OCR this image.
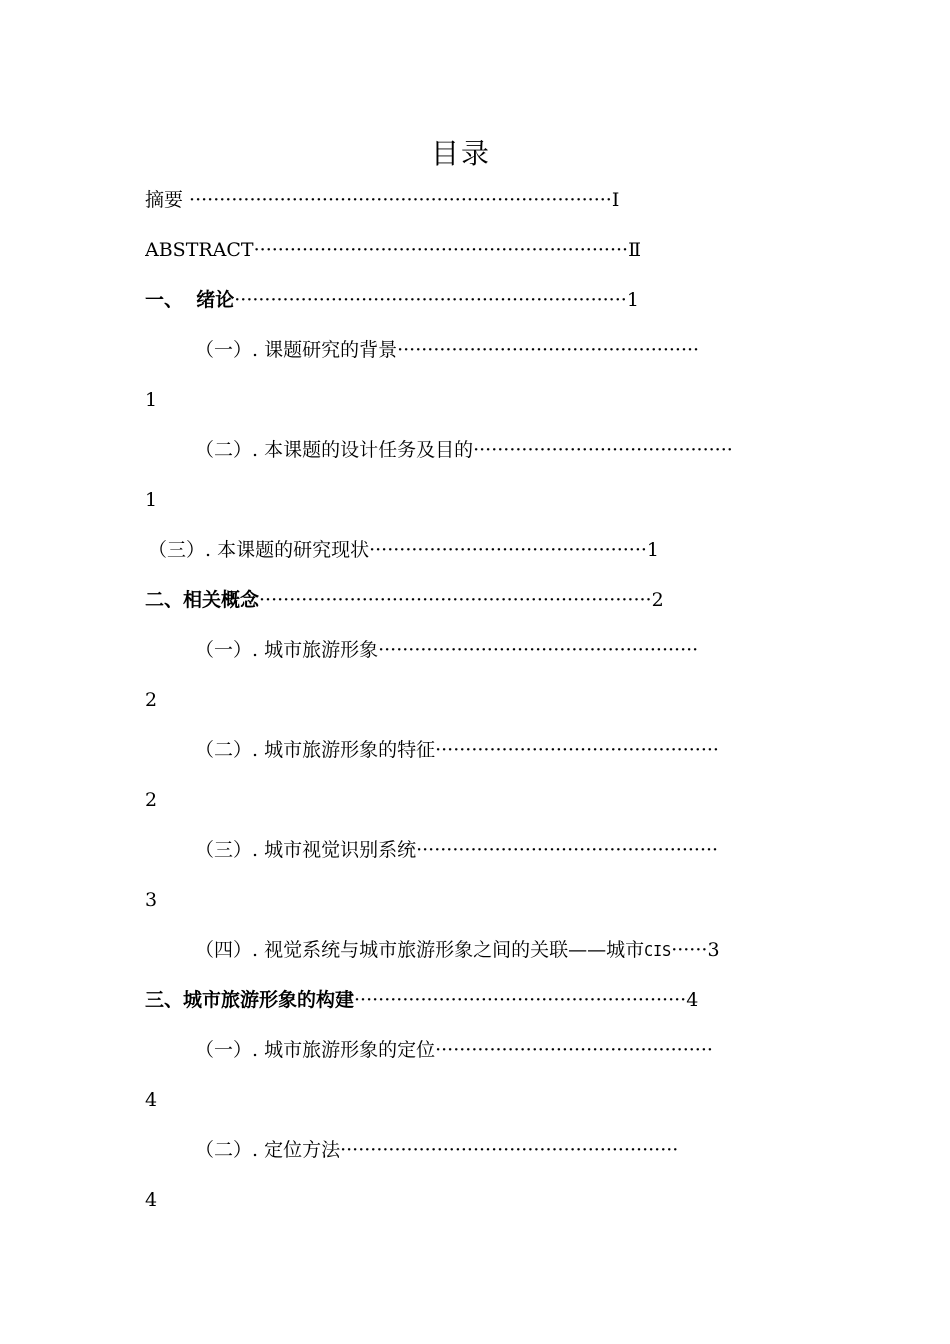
目录
摘要 ······································································Ⅰ
ABSTRACT······························································Ⅱ
一、  绪论·································································1
（一）. 课题研究的背景··················································
1
（二）. 本课题的设计任务及目的···········································
1
（三）. 本课题的研究现状··············································1
二、相关概念·································································2
（一）. 城市旅游形象·····················································
2
（二）. 城市旅游形象的特征···············································
2
（三）. 城市视觉识别系统··················································
3
（四）. 视觉系统与城市旅游形象之间的关联——城市CIS······3
三、城市旅游形象的构建·······················································4
（一）. 城市旅游形象的定位··············································
4
（二）. 定位方法························································
4
